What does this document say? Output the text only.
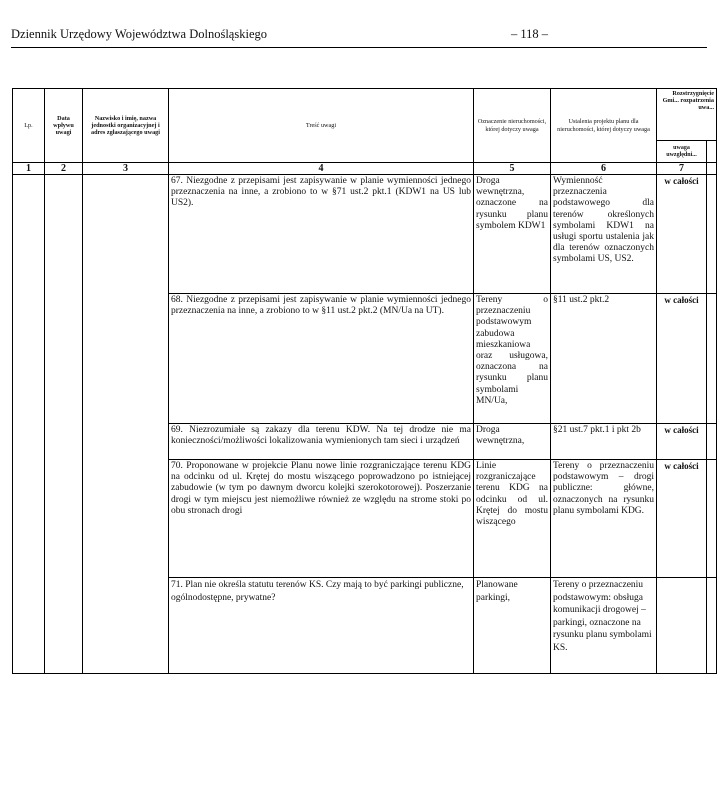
Dziennik Urzędowy Województwa Dolnośląskiego	– 118 –
Lp.	Data wpływu uwagi	Nazwisko i imię, nazwa jednostki organizacyjnej i adres zgłaszającego uwagi	Treść uwagi	Oznaczenie nieruchomości, której dotyczy uwaga	Ustalenia projektu planu dla nieruchomości, której dotyczy uwaga	Rozstrzygnięcie Gmi... rozpatrzenia uwa...	
						uwaga uwzględni...	
1	2	3	4	5	6	7	
			67. Niezgodne z przepisami jest zapisywanie w planie wymienności jednego przeznaczenia na inne, a zrobiono to w §71 ust.2 pkt.1 (KDW1 na US lub US2).	Droga wewnętrzna, oznaczone na rysunku planu symbolem KDW1	Wymienność przeznaczenia podstawowego dla terenów określonych symbolami KDW1 na usługi sportu ustalenia jak dla terenów oznaczonych symbolami US, US2.	w całości	
			68. Niezgodne z przepisami jest zapisywanie w planie wymienności jednego przeznaczenia na inne, a zrobiono to w §11 ust.2 pkt.2 (MN/Ua na UT).	Tereny o przeznaczeniu podstawowym zabudowa mieszkaniowa oraz usługowa, oznaczona na rysunku planu symbolami MN/Ua,	§11 ust.2 pkt.2	w całości	
			69. Niezrozumiałe są zakazy dla terenu KDW. Na tej drodze nie ma konieczności/możliwości lokalizowania wymienionych tam sieci i urządzeń	Droga wewnętrzna,	§21 ust.7 pkt.1 i pkt 2b	w całości	
			70. Proponowane w projekcie Planu nowe linie rozgraniczające terenu KDG na odcinku od ul. Krętej do mostu wiszącego poprowadzono po istniejącej zabudowie (w tym po dawnym dworcu kolejki szerokotorowej). Poszerzanie drogi w tym miejscu jest niemożliwe również ze względu na strome stoki po obu stronach drogi	Linie rozgraniczające terenu KDG na odcinku od ul. Krętej do mostu wiszącego	Tereny o przeznaczeniu podstawowym – drogi publiczne: główne, oznaczonych na rysunku planu symbolami KDG.	w całości	
			71. Plan nie określa statutu terenów KS. Czy mają to być parkingi publiczne, ogólnodostępne, prywatne?	Planowane parkingi,	Tereny o przeznaczeniu podstawowym: obsługa komunikacji drogowej – parkingi, oznaczone na rysunku planu symbolami KS.		
